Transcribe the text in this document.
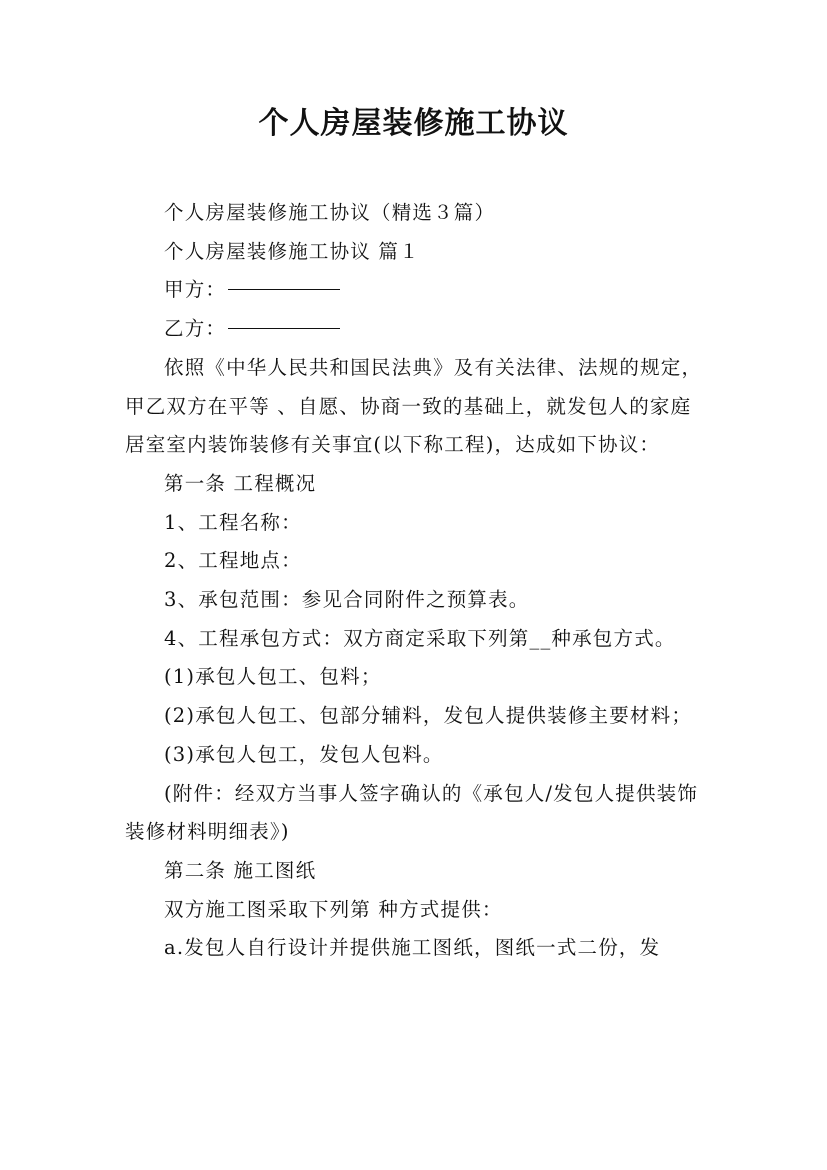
个人房屋装修施工协议

个人房屋装修施工协议（精选３篇）

个人房屋装修施工协议 篇１

甲方：

乙方：

依照《中华人民共和国民法典》及有关法律、法规的规定，甲乙双方在平等 、自愿、协商一致的基础上，就发包人的家庭居室室内装饰装修有关事宜(以下称工程)，达成如下协议：

第一条 工程概况

1、工程名称：

2、工程地点：

3、承包范围：参见合同附件之预算表。

4、工程承包方式：双方商定采取下列第__种承包方式。

(1)承包人包工、包料；

(2)承包人包工、包部分辅料，发包人提供装修主要材料；

(3)承包人包工，发包人包料。

(附件：经双方当事人签字确认的《承包人/发包人提供装饰装修材料明细表》)

第二条 施工图纸

双方施工图采取下列第 种方式提供：

a.发包人自行设计并提供施工图纸，图纸一式二份，发
